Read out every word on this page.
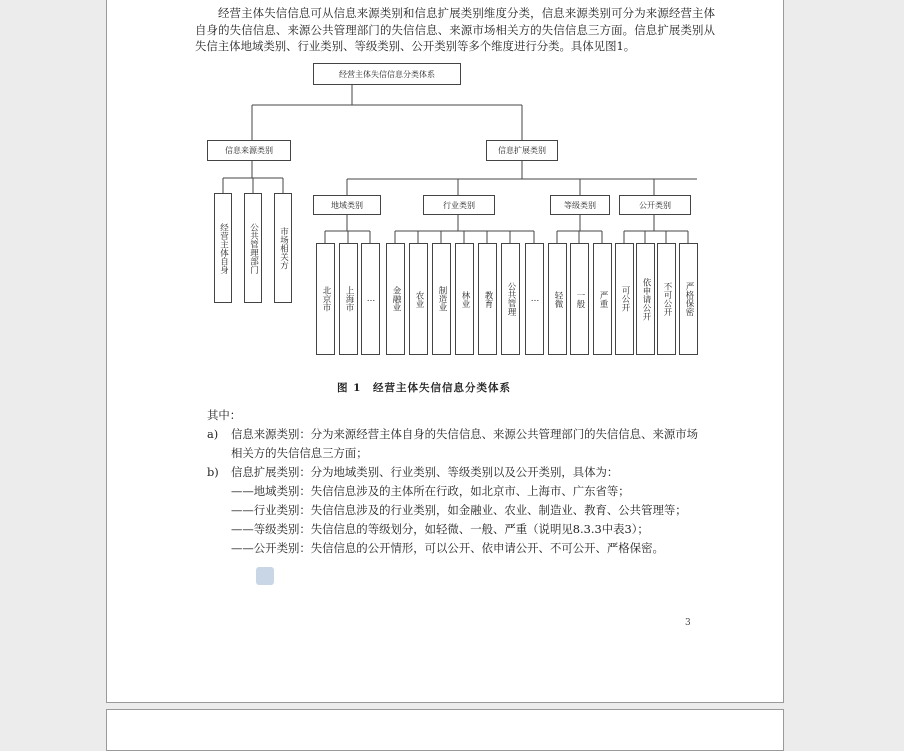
经营主体失信信息可从信息来源类别和信息扩展类别维度分类，信息来源类别可分为来源经营主体自身的失信信息、来源公共管理部门的失信信息、来源市场相关方的失信信息三方面。信息扩展类别从失信主体地域类别、行业类别、等级类别、公开类别等多个维度进行分类。具体见图1。
经营主体失信信息分类体系
信息来源类别	信息扩展类别
经营主体自身	公共管理部门	市场相关方
地域类别	行业类别	等级类别	公开类别
北京市	上海市	…	金融业	农业	制造业	林业	教育	公共管理	…	轻微	一般	严重	可公开	依申请公开	不可公开	严格保密
图 1　经营主体失信信息分类体系
其中：
a)	信息来源类别：分为来源经营主体自身的失信信息、来源公共管理部门的失信信息、来源市场
相关方的失信信息三方面；
b)	信息扩展类别：分为地域类别、行业类别、等级类别以及公开类别，具体为：
——地域类别：失信信息涉及的主体所在行政，如北京市、上海市、广东省等；
——行业类别：失信信息涉及的行业类别，如金融业、农业、制造业、教育、公共管理等；
——等级类别：失信信息的等级划分，如轻微、一般、严重（说明见8.3.3中表3）；
——公开类别：失信信息的公开情形，可以公开、依申请公开、不可公开、严格保密。
3
